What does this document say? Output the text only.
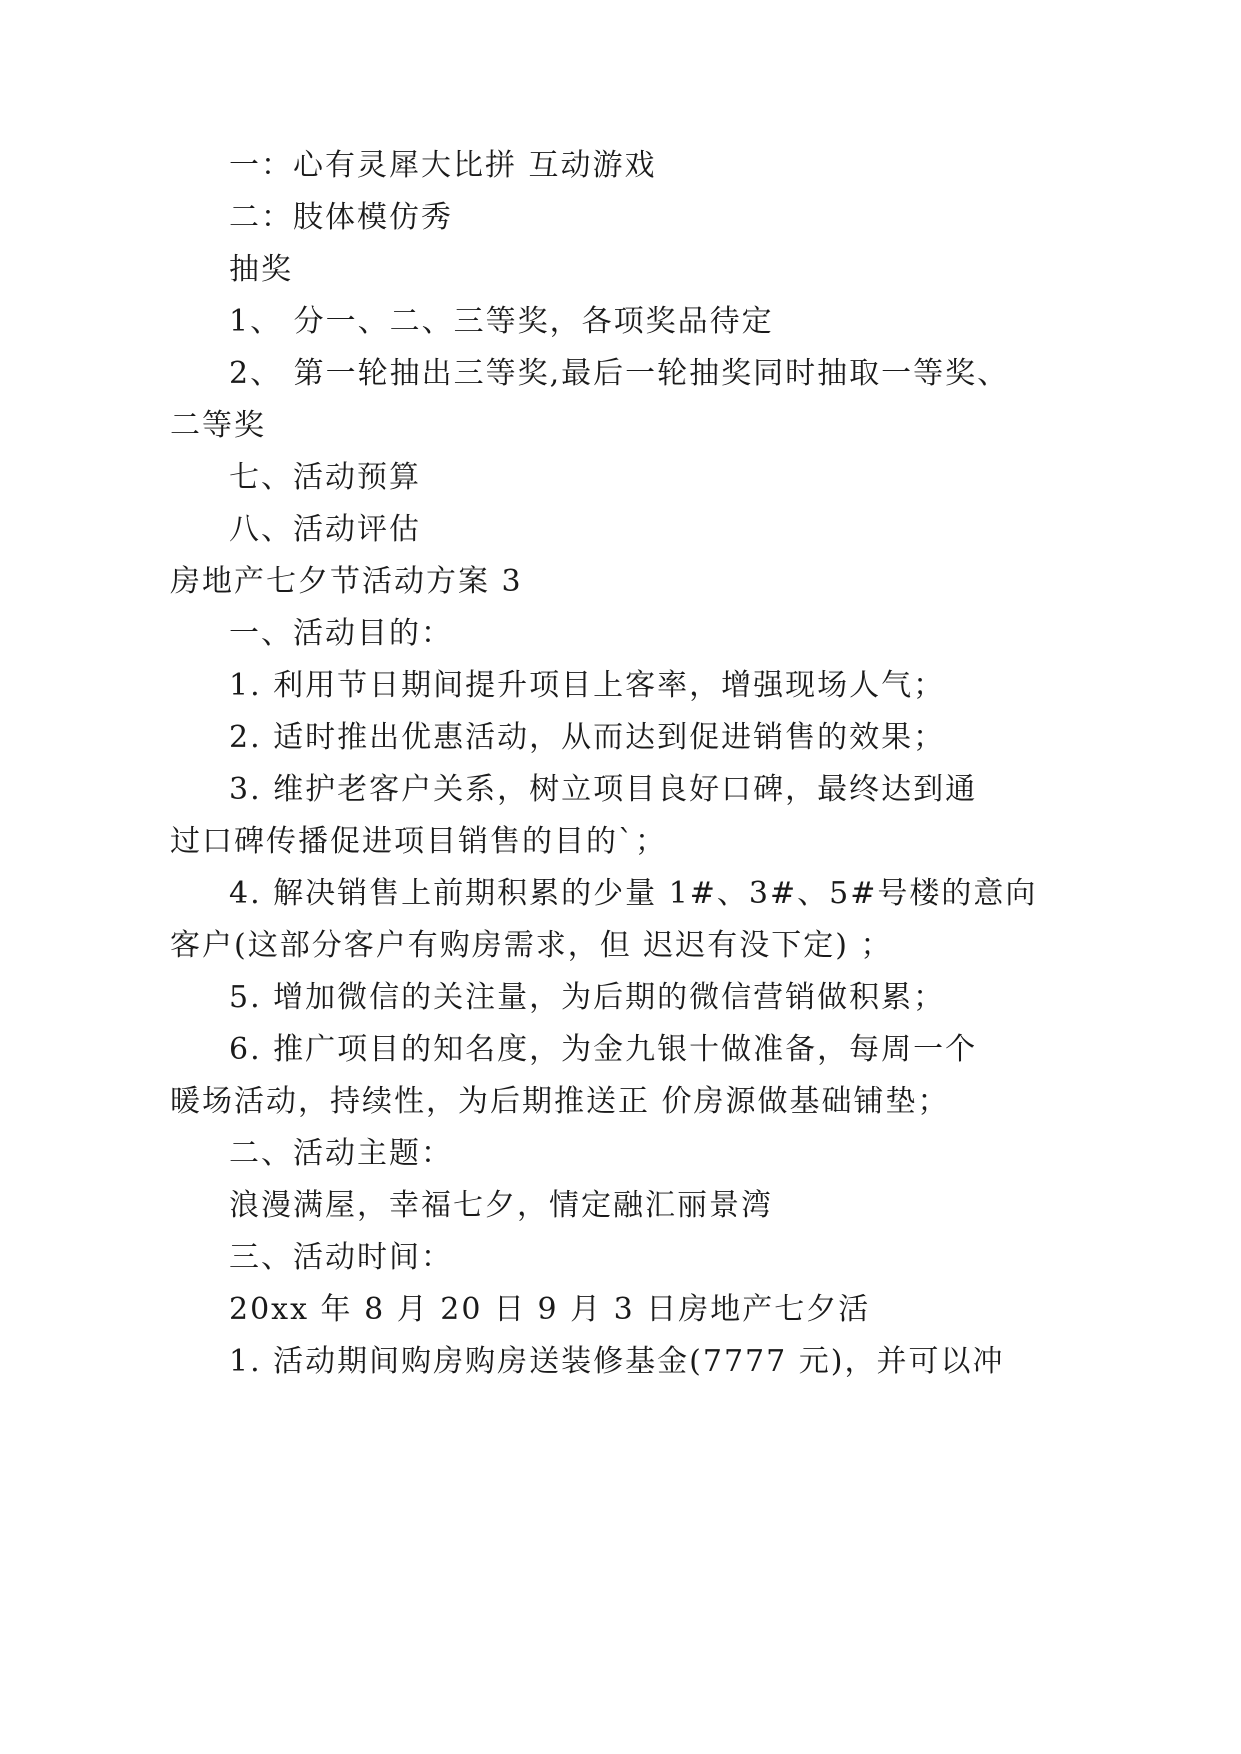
一：心有灵犀大比拼 互动游戏
二：肢体模仿秀
抽奖
1、 分一、二、三等奖，各项奖品待定
2、 第一轮抽出三等奖,最后一轮抽奖同时抽取一等奖、
二等奖
七、活动预算
八、活动评估
房地产七夕节活动方案 3
一、活动目的：
1. 利用节日期间提升项目上客率，增强现场人气；
2. 适时推出优惠活动，从而达到促进销售的效果；
3. 维护老客户关系，树立项目良好口碑，最终达到通
过口碑传播促进项目销售的目的`；
4. 解决销售上前期积累的少量 1#、3#、5#号楼的意向
客户(这部分客户有购房需求，但 迟迟有没下定) ；
5. 增加微信的关注量，为后期的微信营销做积累；
6. 推广项目的知名度，为金九银十做准备，每周一个
暖场活动，持续性，为后期推送正 价房源做基础铺垫；
二、活动主题：
浪漫满屋，幸福七夕，情定融汇丽景湾
三、活动时间：
20xx 年 8 月 20 日 9 月 3 日房地产七夕活
1. 活动期间购房购房送装修基金(7777 元)，并可以冲
